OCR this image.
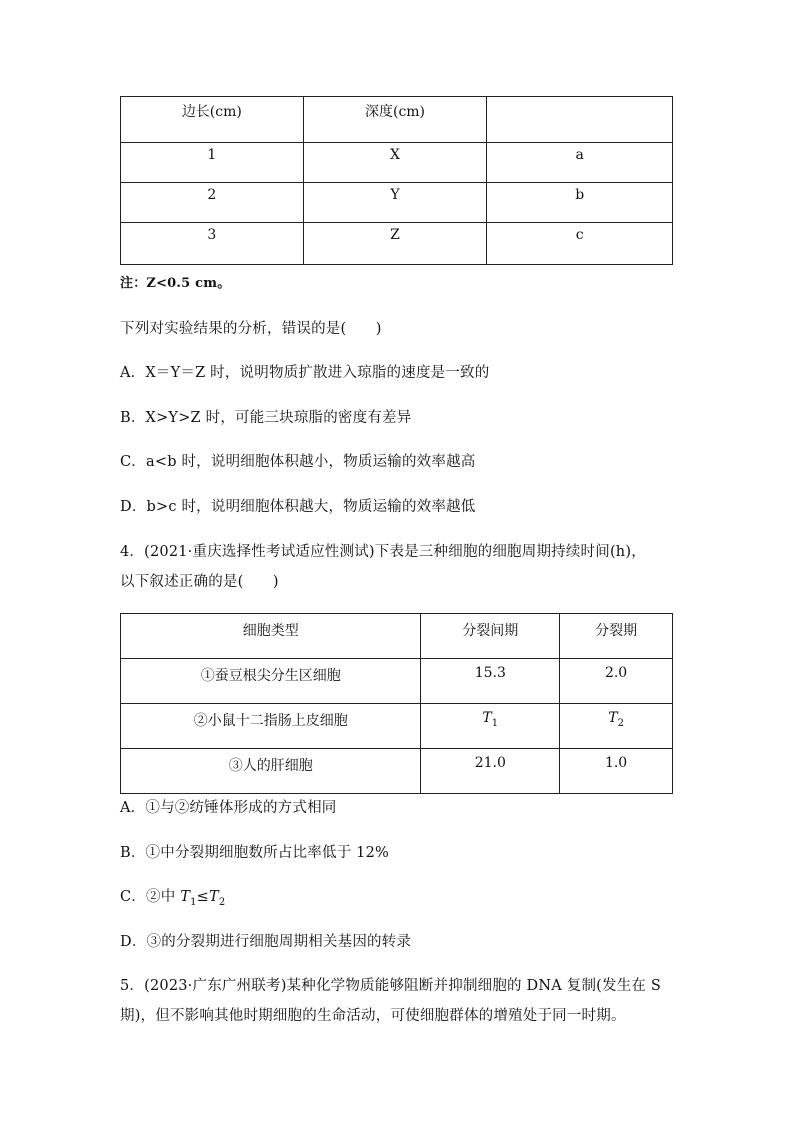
边长(cm)	深度(cm)	
1	X	a
2	Y	b
3	Z	c
注：Z<0.5 cm。
下列对实验结果的分析，错误的是(　　)
A．X＝Y＝Z 时，说明物质扩散进入琼脂的速度是一致的
B．X>Y>Z 时，可能三块琼脂的密度有差异
C．a<b 时，说明细胞体积越小，物质运输的效率越高
D．b>c 时，说明细胞体积越大，物质运输的效率越低
4．(2021·重庆选择性考试适应性测试)下表是三种细胞的细胞周期持续时间(h)，
以下叙述正确的是(　　)
细胞类型	分裂间期	分裂期
①蚕豆根尖分生区细胞	15.3	2.0
②小鼠十二指肠上皮细胞	$T_1$	$T_2$
③人的肝细胞	21.0	1.0
A．①与②纺锤体形成的方式相同
B．①中分裂期细胞数所占比率低于 12%
C．②中 $T_1\le T_2$
D．③的分裂期进行细胞周期相关基因的转录
5．(2023·广东广州联考)某种化学物质能够阻断并抑制细胞的 DNA 复制(发生在 S
期)，但不影响其他时期细胞的生命活动，可使细胞群体的增殖处于同一时期。
